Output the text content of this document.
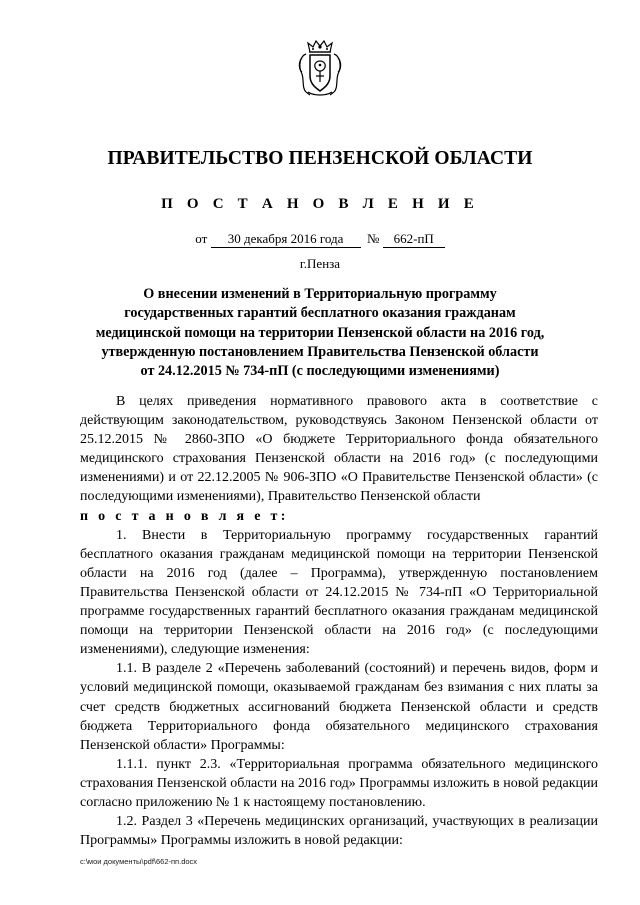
ПРАВИТЕЛЬСТВО ПЕНЗЕНСКОЙ ОБЛАСТИ
П О С Т А Н О В Л Е Н И Е
от 30 декабря 2016 года № 662-пП
г.Пенза
О внесении изменений в Территориальную программу
государственных гарантий бесплатного оказания гражданам
медицинской помощи на территории Пензенской области на 2016 год,
утвержденную постановлением Правительства Пензенской области
от 24.12.2015 № 734-пП (с последующими изменениями)

В целях приведения нормативного правового акта в соответствие с действующим законодательством, руководствуясь Законом Пензенской области от 25.12.2015 № 2860-ЗПО «О бюджете Территориального фонда обязательного медицинского страхования Пензенской области на 2016 год» (с последующими изменениями) и от 22.12.2005 № 906-ЗПО «О Правительстве Пензенской области» (с последующими изменениями), Правительство Пензенской области

п о с т а н о в л я е т:

1. Внести в Территориальную программу государственных гарантий бесплатного оказания гражданам медицинской помощи на территории Пензенской области на 2016 год (далее – Программа), утвержденную постановлением Правительства Пензенской области от 24.12.2015 № 734-пП «О Территориальной программе государственных гарантий бесплатного оказания гражданам медицинской помощи на территории Пензенской области на 2016 год» (с последующими изменениями), следующие изменения:

1.1. В разделе 2 «Перечень заболеваний (состояний) и перечень видов, форм и условий медицинской помощи, оказываемой гражданам без взимания с них платы за счет средств бюджетных ассигнований бюджета Пензенской области и средств бюджета Территориального фонда обязательного медицинского страхования Пензенской области» Программы:

1.1.1. пункт 2.3. «Территориальная программа обязательного медицинского страхования Пензенской области на 2016 год» Программы изложить в новой редакции согласно приложению № 1 к настоящему постановлению.

1.2. Раздел 3 «Перечень медицинских организаций, участвующих в реализации Программы» Программы изложить в новой редакции:

c:\мои документы\pdf\662-пп.docx
